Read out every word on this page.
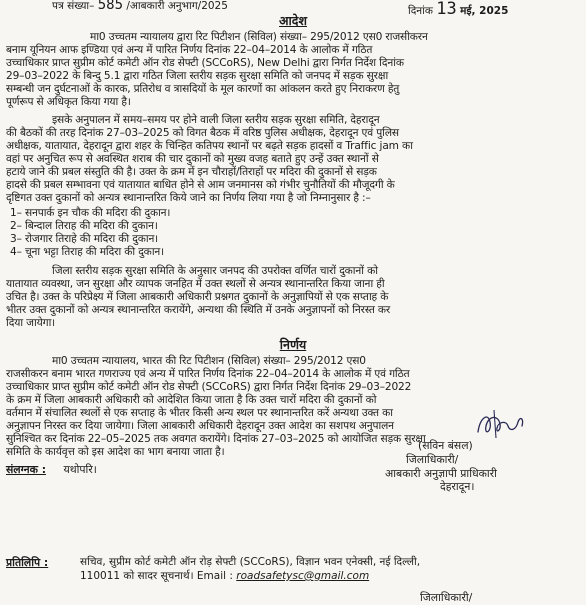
पत्र संख्या– 585 /आबकारी अनुभाग/2025	दिनांक 13 मई, 2025
आदेश
मा0 उच्चतम न्यायालय द्वारा रिट पिटीशन (सिविल) संख्या– 295/2012 एस0 राजसीकरन
बनाम यूनियन आफ इण्डिया एवं अन्य में पारित निर्णय दिनांक 22–04–2014 के आलोक में गठित
उच्चाधिकार प्राप्त सुप्रीम कोर्ट कमेटी ऑन रोड सेफ्टी (SCCoRS), New Delhi द्वारा निर्गत निर्देश दिनांक
29–03–2022 के बिन्दु 5.1 द्वारा गठित जिला स्तरीय सड़क सुरक्षा समिति को जनपद में सड़क सुरक्षा
सम्बन्धी जन दुर्घटनाओं के कारक, प्रतिरोध व त्रासदियों के मूल कारणों का आंकलन करते हुए निराकरण हेतु
पूर्णरूप से अधिकृत किया गया है।
इसके अनुपालन में समय–समय पर होने वाली जिला स्तरीय सड़क सुरक्षा समिति, देहरादून
की बैठकों की तरह दिनांक 27–03–2025 को विगत बैठक में वरिष्ठ पुलिस अधीक्षक, देहरादून एवं पुलिस
अधीक्षक, यातायात, देहरादून द्वारा शहर के चिन्हित कतिपय स्थानों पर बढ़ते सड़क हादसों व Traffic jam का
वहां पर अनुचित रूप से अवस्थित शराब की चार दुकानों को मुख्य वजह बताते हुए उन्हें उक्त स्थानों से
हटाये जाने की प्रबल संस्तुति की है। उक्त के क्रम में इन चौराहों/तिराहों पर मदिरा की दुकानों से सड़क
हादसे की प्रबल सम्भावना एवं यातायात बाधित होने से आम जनमानस को गंभीर चुनौतियों की मौजूदगी के
दृष्टिगत उक्त दुकानों को अन्यत्र स्थानान्तरित किये जाने का निर्णय लिया गया है जो निम्नानुसार है :–
1– सनपार्क इन चौक की मदिरा की दुकान।
2– बिन्दाल तिराह की मदिरा की दुकान।
3– रोजगार तिराहे की मदिरा की दुकान।
4– चूना भट्टा तिराह की मदिरा की दुकान।
जिला स्तरीय सड़क सुरक्षा समिति के अनुसार जनपद की उपरोक्त वर्णित चारों दुकानों को
यातायात व्यवस्था, जन सुरक्षा और व्यापक जनहित में उक्त स्थलों से अन्यत्र स्थानान्तरित किया जाना ही
उचित है। उक्त के परिप्रेक्ष्य में जिला आबकारी अधिकारी प्रश्नगत दुकानों के अनुज्ञापियों से एक सप्ताह के
भीतर उक्त दुकानों को अन्यत्र स्थानान्तरित करायेंगे, अन्यथा की स्थिति में उनके अनुज्ञापनों को निरस्त कर
दिया जायेगा।
निर्णय
मा0 उच्चतम न्यायालय, भारत की रिट पिटीशन (सिविल) संख्या– 295/2012 एस0
राजसीकरन बनाम भारत गणराज्य एवं अन्य में पारित निर्णय दिनांक 22–04–2014 के आलोक में एवं गठित
उच्चाधिकार प्राप्त सुप्रीम कोर्ट कमेटी ऑन रोड सेफ्टी (SCCoRS) द्वारा निर्गत निर्देश दिनांक 29–03–2022
के क्रम में जिला आबकारी अधिकारी को आदेशित किया जाता है कि उक्त चारों मदिरा की दुकानों को
वर्तमान में संचालित स्थलों से एक सप्ताह के भीतर किसी अन्य स्थल पर स्थानान्तरित करें अन्यथा उक्त का
अनुज्ञापन निरस्त कर दिया जायेगा। जिला आबकारी अधिकारी देहरादून उक्त आदेश का सशपथ अनुपालन
सुनिश्चित कर दिनांक 22–05–2025 तक अवगत करायेंगे। दिनांक 27–03–2025 को आयोजित सड़क सुरक्षा
समिति के कार्यवृत्त को इस आदेश का भाग बनाया जाता है।
संलग्नक : यथोपरि।
(सविन बंसल)
जिलाधिकारी/
आबकारी अनुज्ञापी प्राधिकारी
देहरादून।
प्रतिलिपि :	सचिव, सुप्रीम कोर्ट कमेटी ऑन रोड़ सेफ्टी (SCCoRS), विज्ञान भवन एनेक्सी, नई दिल्ली,
110011 को सादर सूचनार्थ। Email : roadsafetysc@gmail.com
जिलाधिकारी/
